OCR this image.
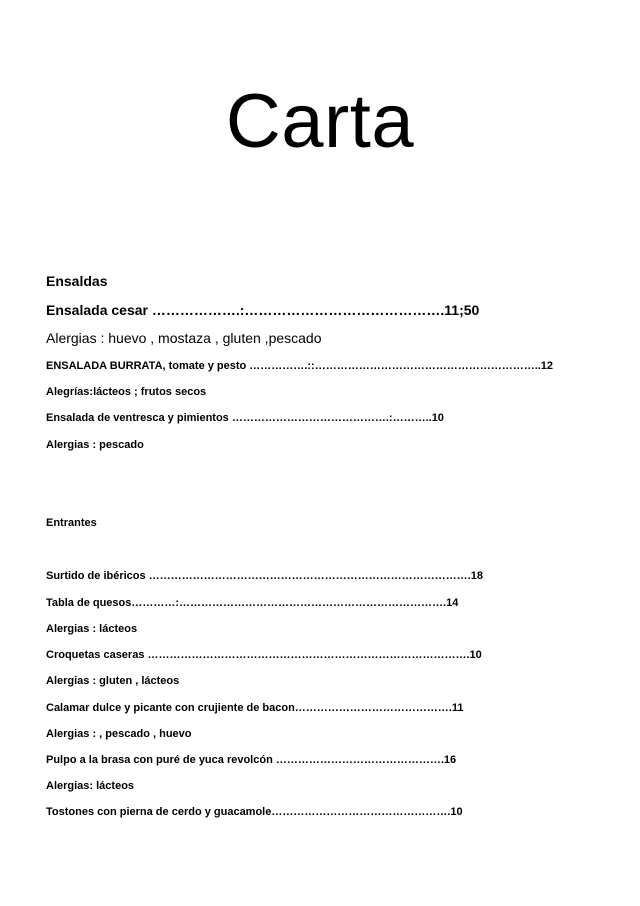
Carta
Ensaldas
Ensalada cesar ……………….:…………………………………….11;50
Alergias : huevo , mostaza , gluten ,pescado
ENSALADA BURRATA, tomate y pesto …………….::……………………………………………………..12
Alegrías:lácteos ; frutos secos
Ensalada de ventresca y pimientos …………………………………….:………..10
Alergias : pescado
Entrantes
Surtido de ibéricos …………………………………………………………………………….18
Tabla de quesos…………:……………………………………………………………….14
Alergias : lácteos
Croquetas caseras …………………………………………………………………………….10
Alergias : gluten , lácteos
Calamar dulce y picante con crujiente de bacon…………………………………….11
Alergias : , pescado , huevo
Pulpo a la brasa con puré de yuca revolcón ……………………………………….16
Alergias: lácteos
Tostones con pierna de cerdo y guacamole………………………………………….10
